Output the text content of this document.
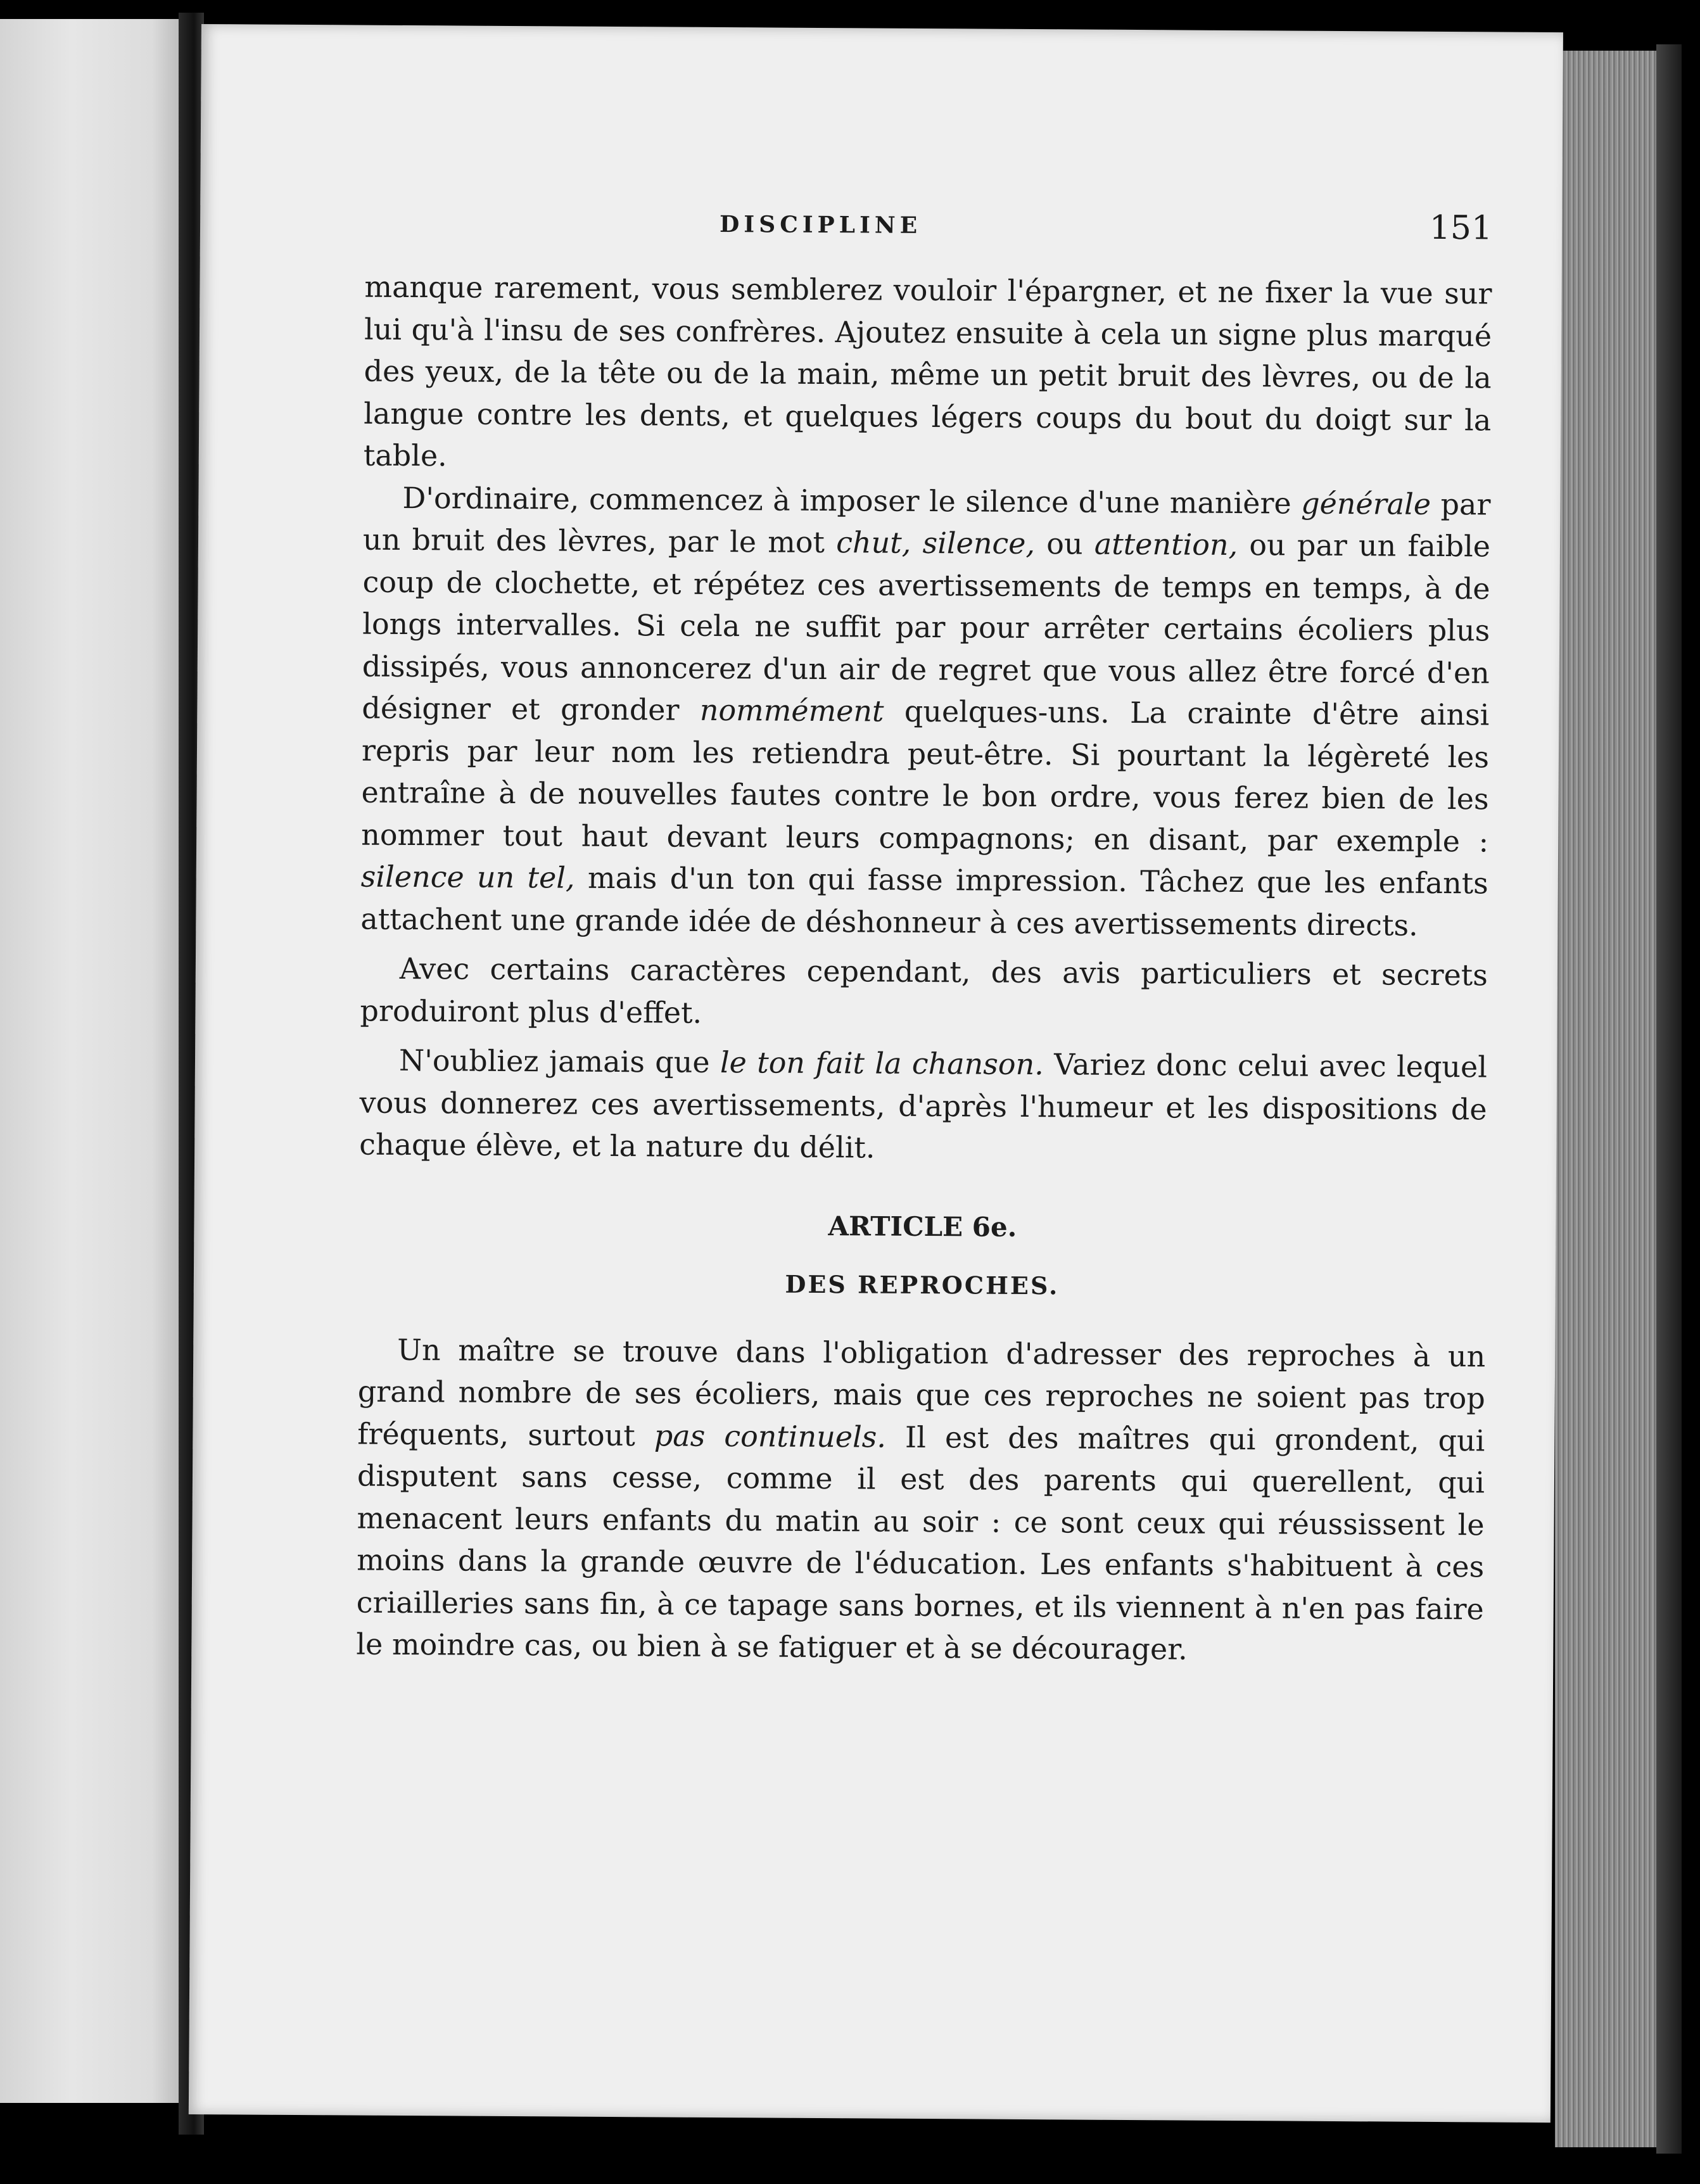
DISCIPLINE	151

manque rarement, vous semblerez vouloir l'épargner, et ne fixer la vue sur lui qu'à l'insu de ses confrères. Ajoutez ensuite à cela un signe plus marqué des yeux, de la tête ou de la main, même un petit bruit des lèvres, ou de la langue contre les dents, et quelques légers coups du bout du doigt sur la table.

D'ordinaire, commencez à imposer le silence d'une manière générale par un bruit des lèvres, par le mot chut, silence, ou attention, ou par un faible coup de clochette, et répétez ces avertissements de temps en temps, à de longs intervalles. Si cela ne suffit par pour arrêter certains écoliers plus dissipés, vous annoncerez d'un air de regret que vous allez être forcé d'en désigner et gronder nommément quelques-uns. La crainte d'être ainsi repris par leur nom les retiendra peut-être. Si pourtant la légèreté les entraîne à de nouvelles fautes contre le bon ordre, vous ferez bien de les nommer tout haut devant leurs compagnons; en disant, par exemple : silence un tel, mais d'un ton qui fasse impression. Tâchez que les enfants attachent une grande idée de déshonneur à ces avertissements directs.

Avec certains caractères cependant, des avis particuliers et secrets produiront plus d'effet.

N'oubliez jamais que le ton fait la chanson. Variez donc celui avec lequel vous donnerez ces avertissements, d'après l'humeur et les dispositions de chaque élève, et la nature du délit.

ARTICLE 6e.
DES REPROCHES.

Un maître se trouve dans l'obligation d'adresser des reproches à un grand nombre de ses écoliers, mais que ces reproches ne soient pas trop fréquents, surtout pas continuels. Il est des maîtres qui grondent, qui disputent sans cesse, comme il est des parents qui querellent, qui menacent leurs enfants du matin au soir : ce sont ceux qui réussissent le moins dans la grande œuvre de l'éducation. Les enfants s'habituent à ces criailleries sans fin, à ce tapage sans bornes, et ils viennent à n'en pas faire le moindre cas, ou bien à se fatiguer et à se décourager.
